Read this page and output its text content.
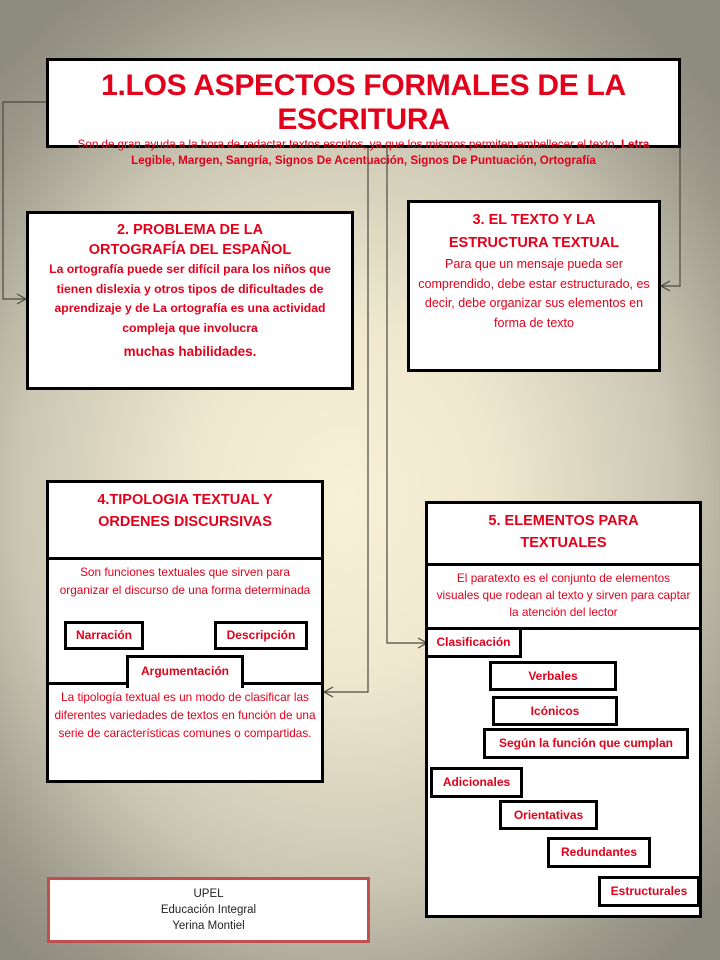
1.LOS ASPECTOS FORMALES DE LA ESCRITURA
Son de gran ayuda a la hora de redactar textos escritos, ya que los mismos permiten embellecer el texto, Letra Legible, Margen, Sangría, Signos De Acentuación, Signos De Puntuación, Ortografía
2. PROBLEMA DE LA
ORTOGRAFÍA DEL ESPAÑOL
La ortografía puede ser difícil para los niños que tienen dislexia y otros tipos de dificultades de aprendizaje y de La ortografía es una actividad compleja que involucra
muchas habilidades.
3. EL TEXTO Y LA
ESTRUCTURA TEXTUAL
Para que un mensaje pueda ser comprendido, debe estar estructurado, es decir, debe organizar sus elementos en forma de texto
4.TIPOLOGIA TEXTUAL Y
ORDENES DISCURSIVAS
Son funciones textuales que sirven para organizar el discurso de una forma determinada
Narración	Descripción
Argumentación
La tipología textual es un modo de clasificar las diferentes variedades de textos en función de una serie de características comunes o compartidas.
5. ELEMENTOS PARA
TEXTUALES
El paratexto es el conjunto de elementos visuales que rodean al texto y sirven para captar la atención del lector
Clasificación
Verbales
Icónicos
Según la función que cumplan
Adicionales
Orientativas
Redundantes
Estructurales
UPEL
Educación Integral
Yerina Montiel
